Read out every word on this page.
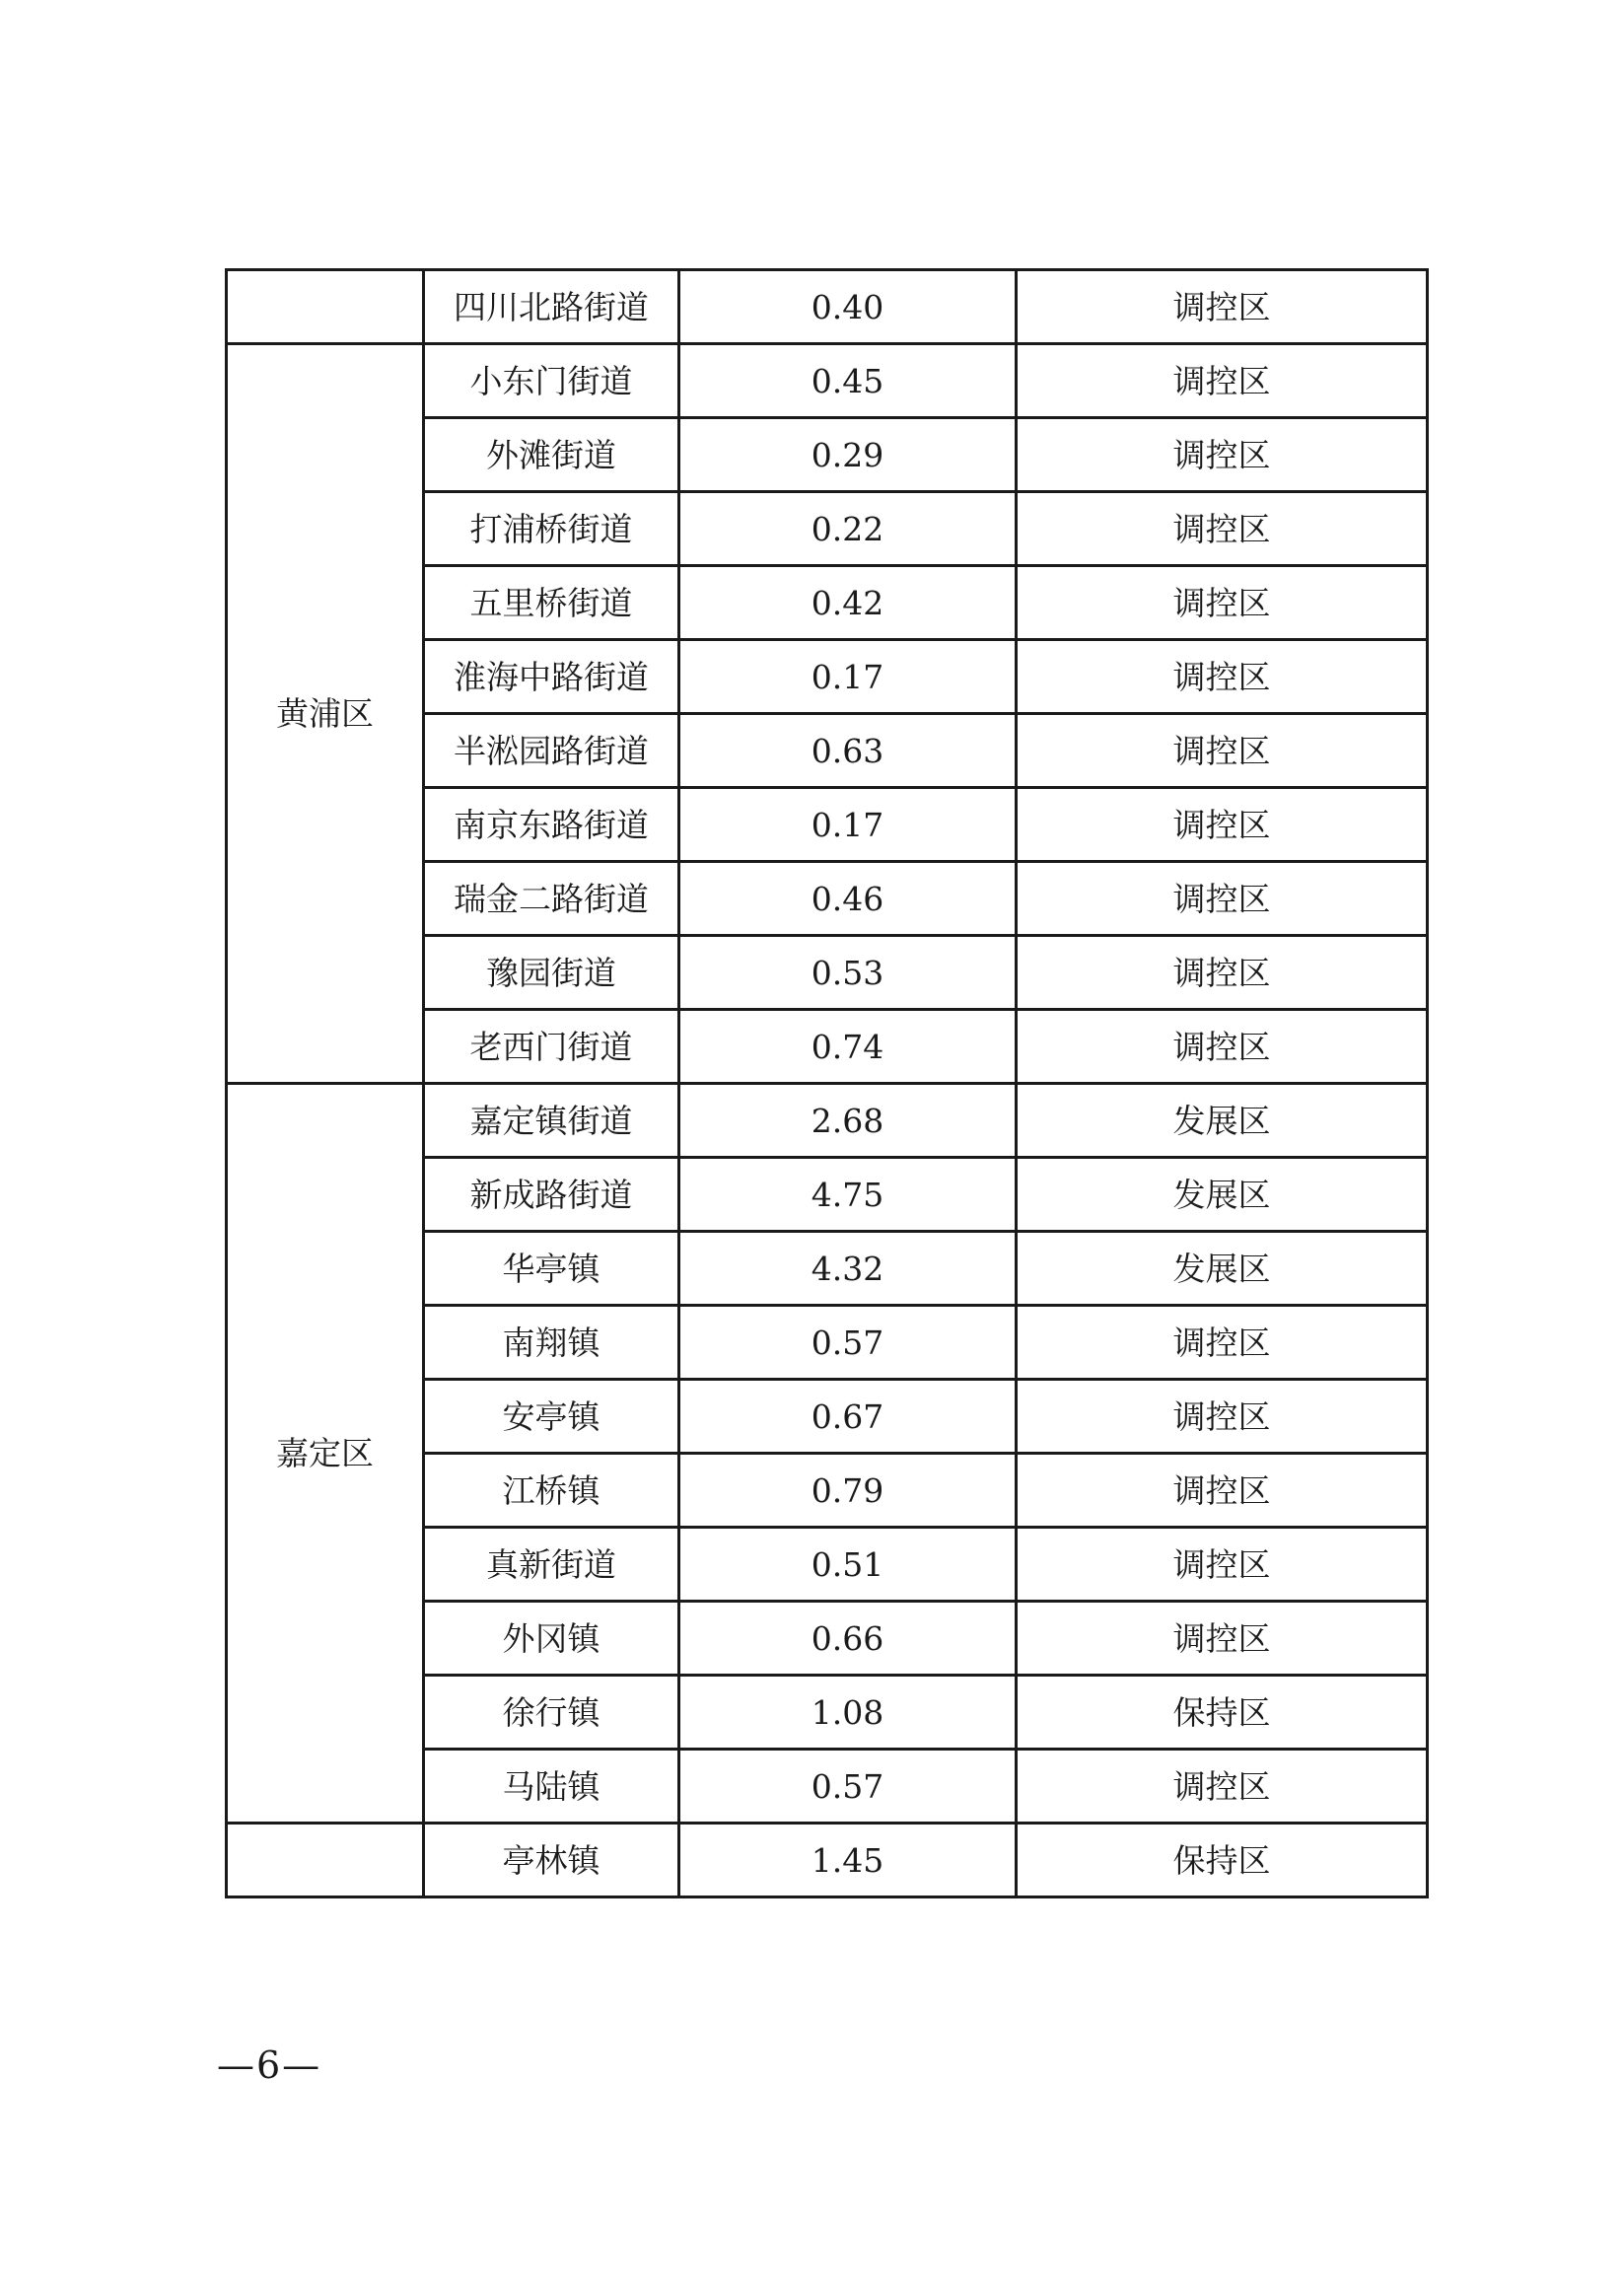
	四川北路街道	0.40	调控区
黄浦区	小东门街道	0.45	调控区
	外滩街道	0.29	调控区
	打浦桥街道	0.22	调控区
	五里桥街道	0.42	调控区
	淮海中路街道	0.17	调控区
	半淞园路街道	0.63	调控区
	南京东路街道	0.17	调控区
	瑞金二路街道	0.46	调控区
	豫园街道	0.53	调控区
	老西门街道	0.74	调控区
嘉定区	嘉定镇街道	2.68	发展区
	新成路街道	4.75	发展区
	华亭镇	4.32	发展区
	南翔镇	0.57	调控区
	安亭镇	0.67	调控区
	江桥镇	0.79	调控区
	真新街道	0.51	调控区
	外冈镇	0.66	调控区
	徐行镇	1.08	保持区
	马陆镇	0.57	调控区
	亭林镇	1.45	保持区
—6—
